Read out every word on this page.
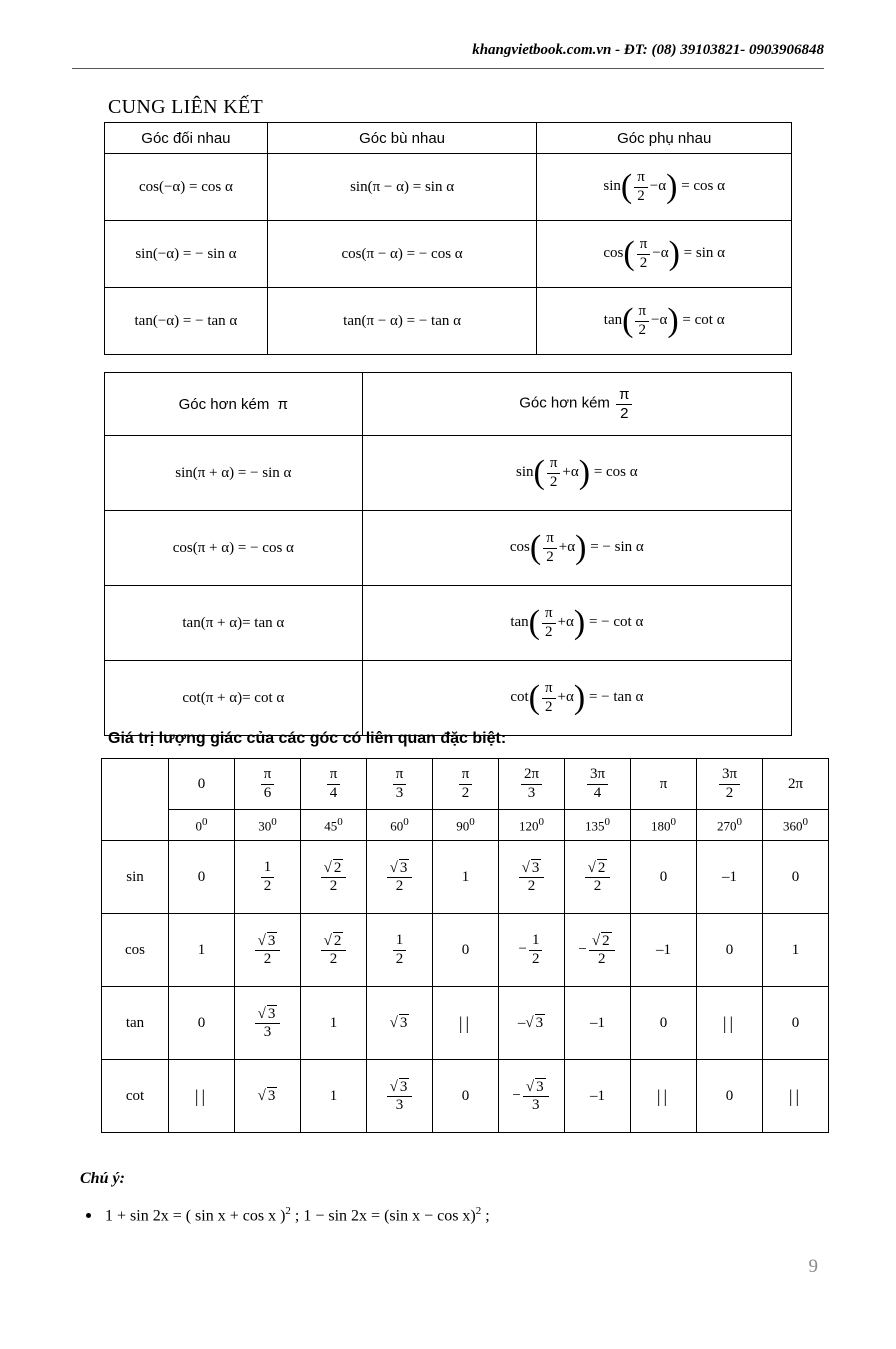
khangvietbook.com.vn - ĐT: (08) 39103821- 0903906848
CUNG LIÊN KẾT
Góc đối nhau	Góc bù nhau	Góc phụ nhau
cos(−α) = cos α	sin(π − α) = sin α	$\sin( \frac{\pi}{2} -\alpha) = \cos \alpha$
sin(−α) = − sin α	cos(π − α) = − cos α	$\cos( \frac{\pi}{2} -\alpha) = \sin \alpha$
tan(−α) = − tan α	tan(π − α) = − tan α	$\tan( \frac{\pi}{2} -\alpha) = \cot \alpha$
Góc hơn kém π	Góc hơn kém $\frac{\pi}{2}$

sin(π + α) = − sin α	$\sin( \frac{\pi}{2} +\alpha) = \cos \alpha$
cos(π + α) = − cos α	$\cos( \frac{\pi}{2} +\alpha)$ = − sin α
tan(π + α)= tan α	$\tan( \frac{\pi}{2} +\alpha)$ = − cot α
cot(π + α)= cot α	$\cot( \frac{\pi}{2} +\alpha)$ = − tan α
Giá trị lượng giác của các góc có liên quan đặc biệt:
	0	$\frac{\pi}{6}$	$\frac{\pi}{4}$	$\frac{\pi}{3}$	$\frac{\pi}{2}$	$\frac{2\pi}{3}$	$\frac{3\pi}{4}$	π	$\frac{3\pi}{2}$	2π
	$0^0$	$30^0$	$45^0$	$60^0$	$90^0$	$120^0$	$135^0$	$180^0$	$270^0$	$360^0$
sin	0	$\frac{1}{2}$	$\frac{√ 2}{2}$	$\frac{√ 3}{2}$	1	$\frac{√ 3}{2}$	$\frac{√ 2}{2}$	0	–1	0
cos	1	$\frac{√ 3}{2}$	$\frac{√ 2}{2}$	$\frac{1}{2}$	0	− $\frac{1}{2}$	− $\frac{√ 2}{2}$	–1	0	1
tan	0	$\frac{√ 3}{3}$	1	√ 3	||	–√ 3	–1	0	||	0
cot	||	√ 3	1	$\frac{√ 3}{3}$	0	− $\frac{√ 3}{3}$	–1	||	0	||
Chú ý:
1 + sin 2x = ( sin x + cos x )$^2$ ; 1 − sin 2x = (sin x − cos x)$^2$ ;
9
